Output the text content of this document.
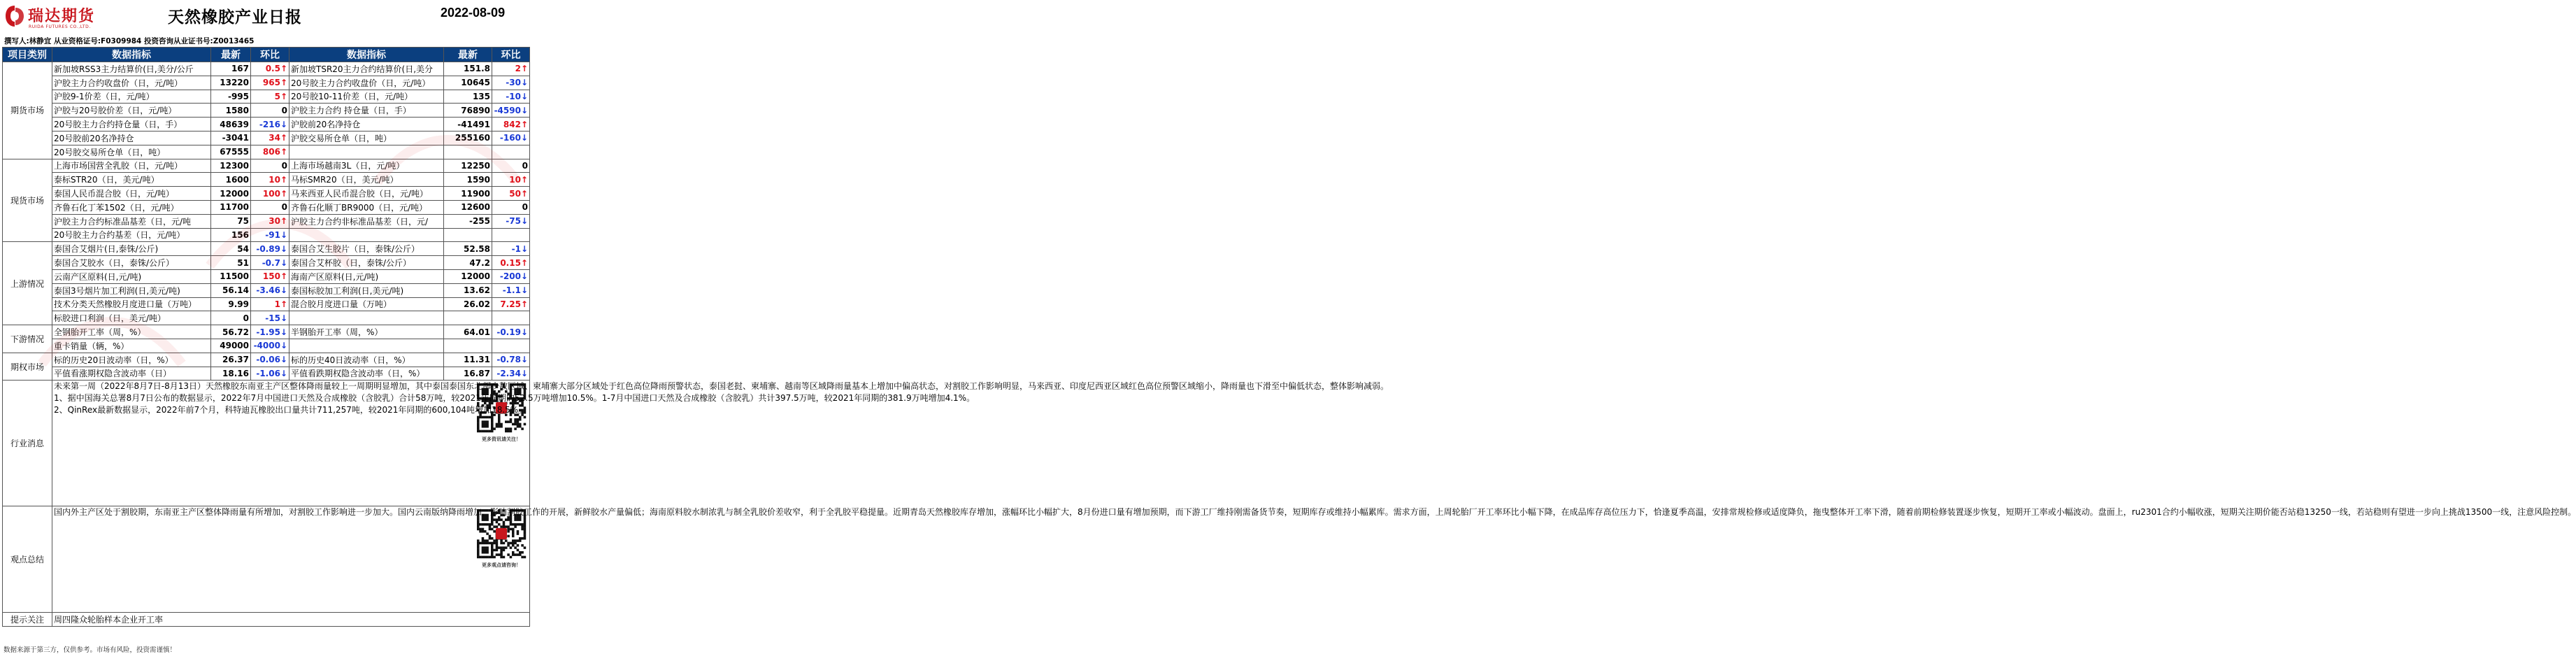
瑞达期货
RUIDA FUTURES CO.,LTD.
天然橡胶产业日报	2022-08-09
撰写人:林静宜 从业资格证号:F0309984 投资咨询从业证书号:Z0013465
项目类别	数据指标	最新	环比	数据指标	最新	环比
期货市场	新加坡RSS3主力结算价(日,美分/公斤	167	0.5↑	新加坡TSR20主力合约结算价(日,美分	151.8	2↑
	沪胶主力合约收盘价（日，元/吨）	13220	965↑	20号胶主力合约收盘价（日，元/吨）	10645	-30↓
	沪胶9-1价差（日，元/吨）	-995	5↑	20号胶10-11价差（日，元/吨）	135	-10↓
	沪胶与20号胶价差（日，元/吨）	1580	0	沪胶主力合约 持仓量（日，手）	76890	-4590↓
	20号胶主力合约持仓量（日，手）	48639	-216↓	沪胶前20名净持仓	-41491	842↑
	20号胶前20名净持仓	-3041	34↑	沪胶交易所仓单（日，吨）	255160	-160↓
	20号胶交易所仓单（日，吨）	67555	806↑			
现货市场	上海市场国营全乳胶（日，元/吨）	12300	0	上海市场越南3L（日，元/吨）	12250	0
	泰标STR20（日，美元/吨）	1600	10↑	马标SMR20（日，美元/吨）	1590	10↑
	泰国人民币混合胶（日，元/吨）	12000	100↑	马来西亚人民币混合胶（日，元/吨）	11900	50↑
	齐鲁石化丁苯1502（日，元/吨）	11700	0	齐鲁石化顺丁BR9000（日，元/吨）	12600	0
	沪胶主力合约标准品基差（日，元/吨	75	30↑	沪胶主力合约非标准品基差（日，元/	-255	-75↓
	20号胶主力合约基差（日，元/吨）	156	-91↓			
上游情况	泰国合艾烟片(日,泰铢/公斤)	54	-0.89↓	泰国合艾生胶片（日，泰铢/公斤）	52.58	-1↓
	泰国合艾胶水（日，泰铢/公斤）	51	-0.7↓	泰国合艾杯胶（日，泰铢/公斤）	47.2	0.15↑
	云南产区原料(日,元/吨)	11500	150↑	海南产区原料(日,元/吨)	12000	-200↓
	泰国3号烟片加工利润(日,美元/吨)	56.14	-3.46↓	泰国标胶加工利润(日,美元/吨)	13.62	-1.1↓
	技术分类天然橡胶月度进口量（万吨）	9.99	1↑	混合胶月度进口量（万吨）	26.02	7.25↑
	标胶进口利润（日，美元/吨）	0	-15↓			
下游情况	全钢胎开工率（周，%）	56.72	-1.95↓	半钢胎开工率（周，%）	64.01	-0.19↓
	重卡销量（辆，%）	49000	-4000↓			
期权市场	标的历史20日波动率（日，%）	26.37	-0.06↓	标的历史40日波动率（日，%）	11.31	-0.78↓
	平值看涨期权隐含波动率（日）	18.16	-1.06↓	平值看跌期权隐含波动率（日，%）	16.87	-2.34↓
行业消息	更多资讯请关注！

未来第一周（2022年8月7日-8月13日）天然橡胶东南亚主产区整体降雨量较上一周期明显增加，其中泰国泰国东北部少数区域、柬埔寨大部分区域处于红色高位降雨预警状态，泰国老挝、柬埔寨、越南等区域降雨量基本上增加中偏高状态，对割胶工作影响明显，马来西亚、印度尼西亚区域红色高位预警区域缩小，降雨量也下滑至中偏低状态，整体影响减弱。

1、据中国海关总署8月7日公布的数据显示，2022年7月中国进口天然及合成橡胶（含胶乳）合计58万吨，较2021年同期的52.5万吨增加10.5%。1-7月中国进口天然及合成橡胶（含胶乳）共计397.5万吨，较2021年同期的381.9万吨增加4.1%。

2、QinRex最新数据显示，2022年前7个月，科特迪瓦橡胶出口量共计711,257吨，较2021年同期的600,104吨增加18.5%。					

观点总结	更多观点请咨询！

国内外主产区处于割胶期，东南亚主产区整体降雨量有所增加，对割胶工作影响进一步加大。国内云南版纳降雨增加，影响割胶工作的开展，新鲜胶水产量偏低；海南原料胶水制浓乳与制全乳胶价差收窄，利于全乳胶平稳提量。近期青岛天然橡胶库存增加，涨幅环比小幅扩大，8月份进口量有增加预期，而下游工厂维持刚需备货节奏，短期库存或维持小幅累库。需求方面，上周轮胎厂开工率环比小幅下降，在成品库存高位压力下，恰逢夏季高温，安排常规检修或适度降负，拖曳整体开工率下滑，随着前期检修装置逐步恢复，短期开工率或小幅波动。盘面上，ru2301合约小幅收涨，短期关注期价能否站稳13250一线，若站稳则有望进一步向上挑战13500一线，注意风险控制。					

提示关注	周四隆众轮胎样本企业开工率					
数据来源于第三方，仅供参考。市场有风险，投资需谨慎！
